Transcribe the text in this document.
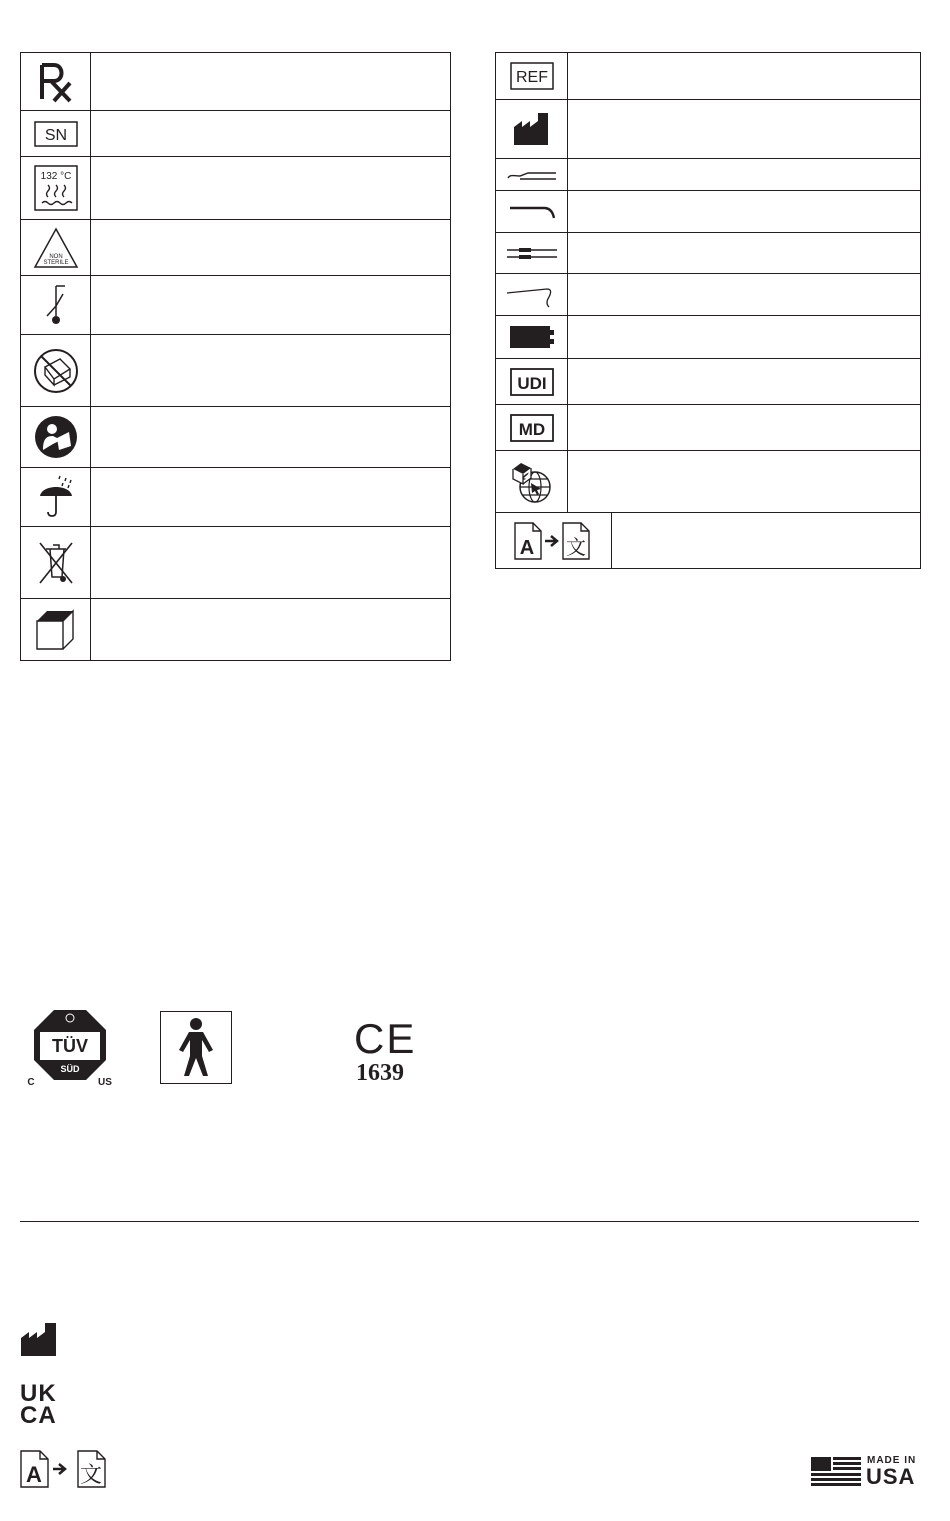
SN	

132 °C	

NON
STERILE	

REF		

UDI		

MD		

A 文		

TÜV
SÜD
C	US
CE
1639
UK
CA
A 文
MADE IN
USA
